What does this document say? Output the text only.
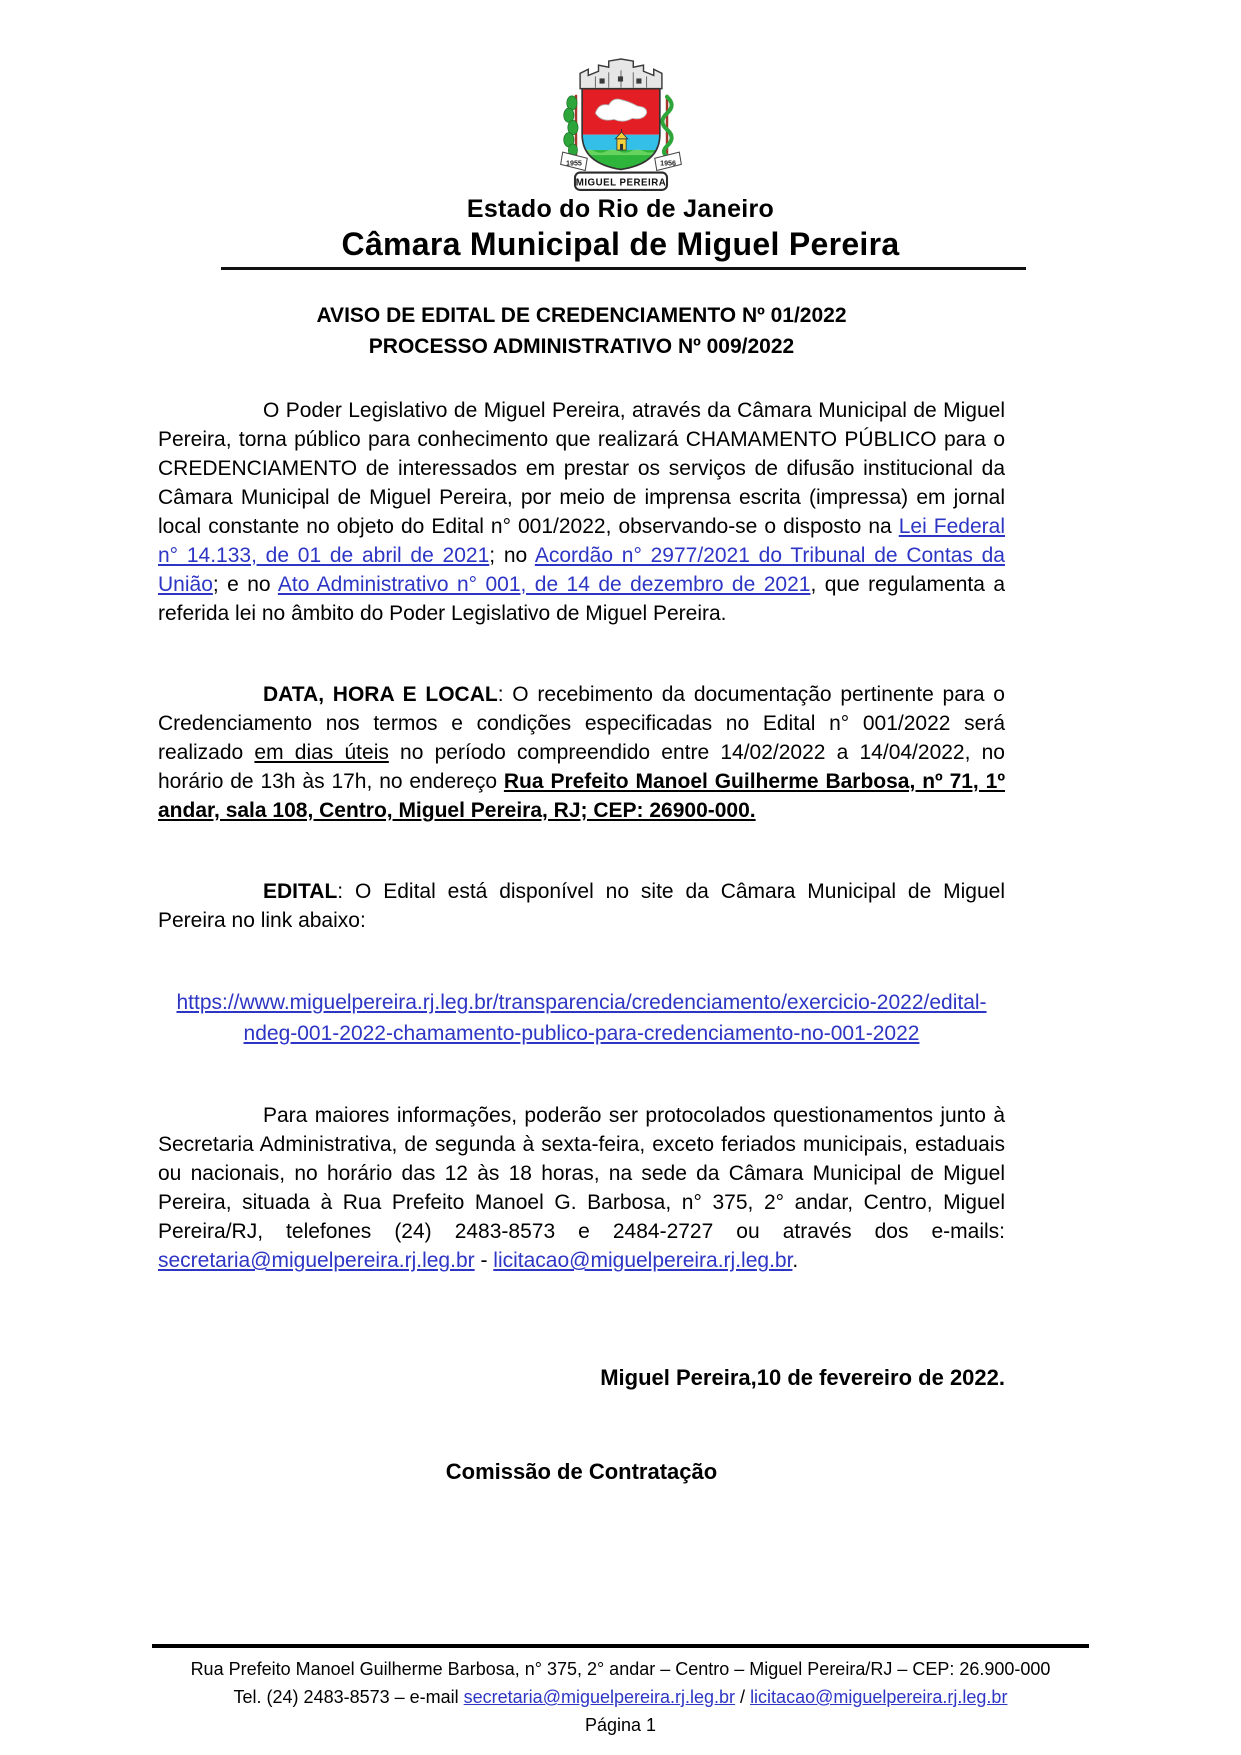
1955	1956
MIGUEL PEREIRA
Estado do Rio de Janeiro
Câmara Municipal de Miguel Pereira
AVISO DE EDITAL DE CREDENCIAMENTO Nº 01/2022
PROCESSO ADMINISTRATIVO Nº 009/2022

O Poder Legislativo de Miguel Pereira, através da Câmara Municipal de Miguel Pereira, torna público para conhecimento que realizará CHAMAMENTO PÚBLICO para o CREDENCIAMENTO de interessados em prestar os serviços de difusão institucional da Câmara Municipal de Miguel Pereira, por meio de imprensa escrita (impressa) em jornal local constante no objeto do Edital n° 001/2022, observando-se o disposto na Lei Federal n° 14.133, de 01 de abril de 2021; no Acordão n° 2977/2021 do Tribunal de Contas da União; e no Ato Administrativo n° 001, de 14 de dezembro de 2021, que regulamenta a referida lei no âmbito do Poder Legislativo de Miguel Pereira.

DATA, HORA E LOCAL: O recebimento da documentação pertinente para o Credenciamento nos termos e condições especificadas no Edital n° 001/2022 será realizado em dias úteis no período compreendido entre 14/02/2022 a 14/04/2022, no horário de 13h às 17h, no endereço Rua Prefeito Manoel Guilherme Barbosa, nº 71, 1º andar, sala 108, Centro, Miguel Pereira, RJ; CEP: 26900-000.

EDITAL: O Edital está disponível no site da Câmara Municipal de Miguel Pereira no link abaixo:

https://www.miguelpereira.rj.leg.br/transparencia/credenciamento/exercicio-2022/edital-ndeg-001-2022-chamamento-publico-para-credenciamento-no-001-2022

Para maiores informações, poderão ser protocolados questionamentos junto à Secretaria Administrativa, de segunda à sexta-feira, exceto feriados municipais, estaduais ou nacionais, no horário das 12 às 18 horas, na sede da Câmara Municipal de Miguel Pereira, situada à Rua Prefeito Manoel G. Barbosa, n° 375, 2° andar, Centro, Miguel Pereira/RJ, telefones (24) 2483-8573 e 2484-2727 ou através dos e-mails: secretaria@miguelpereira.rj.leg.br - licitacao@miguelpereira.rj.leg.br.

Miguel Pereira,10 de fevereiro de 2022.
Comissão de Contratação
Rua Prefeito Manoel Guilherme Barbosa, n° 375, 2° andar – Centro – Miguel Pereira/RJ – CEP: 26.900-000
Tel. (24) 2483-8573 – e-mail secretaria@miguelpereira.rj.leg.br / licitacao@miguelpereira.rj.leg.br
Página 1
